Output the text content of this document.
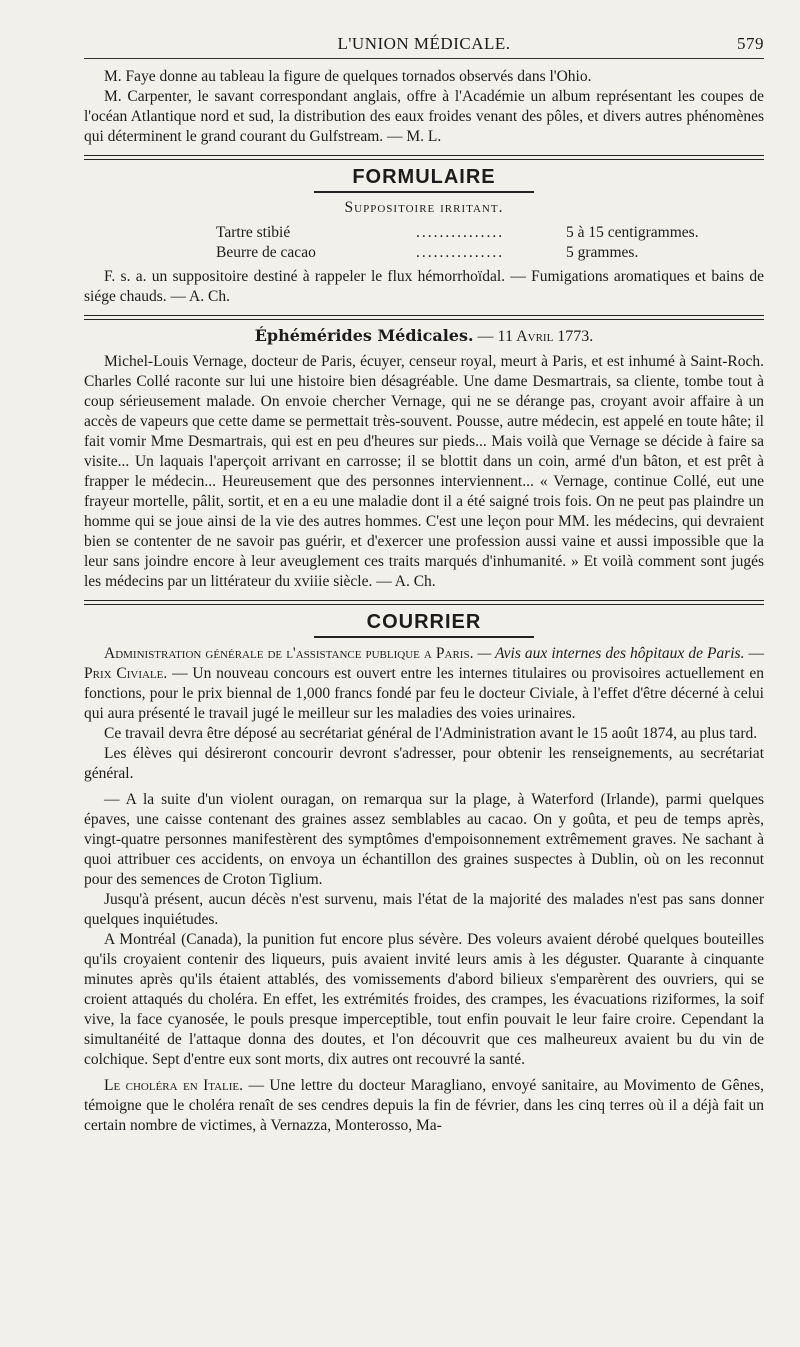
L'UNION MÉDICALE.	579

M. Faye donne au tableau la figure de quelques tornados observés dans l'Ohio.

M. Carpenter, le savant correspondant anglais, offre à l'Académie un album représentant les coupes de l'océan Atlantique nord et sud, la distribution des eaux froides venant des pôles, et divers autres phénomènes qui déterminent le grand courant du Gulfstream. — M. L.

FORMULAIRE
Suppositoire irritant.
Tartre stibié	...............	5 à 15 centigrammes.
Beurre de cacao	...............	5 grammes.

F. s. a. un suppositoire destiné à rappeler le flux hémorrhoïdal. — Fumigations aromatiques et bains de siége chauds. — A. Ch.

Éphémérides Médicales. — 11 Avril 1773.

Michel-Louis Vernage, docteur de Paris, écuyer, censeur royal, meurt à Paris, et est inhumé à Saint-Roch. Charles Collé raconte sur lui une histoire bien désagréable. Une dame Desmartrais, sa cliente, tombe tout à coup sérieusement malade. On envoie chercher Vernage, qui ne se dérange pas, croyant avoir affaire à un accès de vapeurs que cette dame se permettait très-souvent. Pousse, autre médecin, est appelé en toute hâte; il fait vomir Mme Desmartrais, qui est en peu d'heures sur pieds... Mais voilà que Vernage se décide à faire sa visite... Un laquais l'aperçoit arrivant en carrosse; il se blottit dans un coin, armé d'un bâton, et est prêt à frapper le médecin... Heureusement que des personnes interviennent... « Vernage, continue Collé, eut une frayeur mortelle, pâlit, sortit, et en a eu une maladie dont il a été saigné trois fois. On ne peut pas plaindre un homme qui se joue ainsi de la vie des autres hommes. C'est une leçon pour MM. les médecins, qui devraient bien se contenter de ne savoir pas guérir, et d'exercer une profession aussi vaine et aussi impossible que la leur sans joindre encore à leur aveuglement ces traits marqués d'inhumanité. » Et voilà comment sont jugés les médecins par un littérateur du xviiie siècle. — A. Ch.

COURRIER

Administration générale de l'assistance publique a Paris. — Avis aux internes des hôpitaux de Paris. — Prix Civiale. — Un nouveau concours est ouvert entre les internes titulaires ou provisoires actuellement en fonctions, pour le prix biennal de 1,000 francs fondé par feu le docteur Civiale, à l'effet d'être décerné à celui qui aura présenté le travail jugé le meilleur sur les maladies des voies urinaires.

Ce travail devra être déposé au secrétariat général de l'Administration avant le 15 août 1874, au plus tard.

Les élèves qui désireront concourir devront s'adresser, pour obtenir les renseignements, au secrétariat général.

— A la suite d'un violent ouragan, on remarqua sur la plage, à Waterford (Irlande), parmi quelques épaves, une caisse contenant des graines assez semblables au cacao. On y goûta, et peu de temps après, vingt-quatre personnes manifestèrent des symptômes d'empoisonnement extrêmement graves. Ne sachant à quoi attribuer ces accidents, on envoya un échantillon des graines suspectes à Dublin, où on les reconnut pour des semences de Croton Tiglium.

Jusqu'à présent, aucun décès n'est survenu, mais l'état de la majorité des malades n'est pas sans donner quelques inquiétudes.

A Montréal (Canada), la punition fut encore plus sévère. Des voleurs avaient dérobé quelques bouteilles qu'ils croyaient contenir des liqueurs, puis avaient invité leurs amis à les déguster. Quarante à cinquante minutes après qu'ils étaient attablés, des vomissements d'abord bilieux s'emparèrent des ouvriers, qui se croient attaqués du choléra. En effet, les extrémités froides, des crampes, les évacuations riziformes, la soif vive, la face cyanosée, le pouls presque imperceptible, tout enfin pouvait le leur faire croire. Cependant la simultanéité de l'attaque donna des doutes, et l'on découvrit que ces malheureux avaient bu du vin de colchique. Sept d'entre eux sont morts, dix autres ont recouvré la santé.

Le choléra en Italie. — Une lettre du docteur Maragliano, envoyé sanitaire, au Movimento de Gênes, témoigne que le choléra renaît de ses cendres depuis la fin de février, dans les cinq terres où il a déjà fait un certain nombre de victimes, à Vernazza, Monterosso, Ma-
